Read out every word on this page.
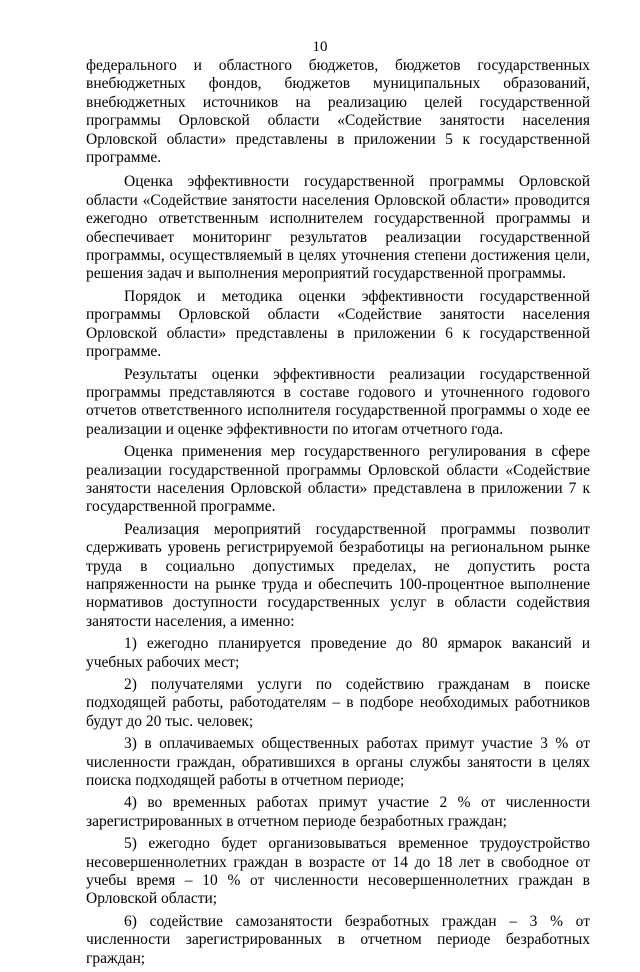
10

федерального и областного бюджетов, бюджетов государственных внебюджетных фондов, бюджетов муниципальных образований, внебюджетных источников на реализацию целей государственной программы Орловской области «Содействие занятости населения Орловской области» представлены в приложении 5 к государственной программе.

Оценка эффективности государственной программы Орловской области «Содействие занятости населения Орловской области» проводится ежегодно ответственным исполнителем государственной программы и обеспечивает мониторинг результатов реализации государственной программы, осуществляемый в целях уточнения степени достижения цели, решения задач и выполнения мероприятий государственной программы.

Порядок и методика оценки эффективности государственной программы Орловской области «Содействие занятости населения Орловской области» представлены в приложении 6 к государственной программе.

Результаты оценки эффективности реализации государственной программы представляются в составе годового и уточненного годового отчетов ответственного исполнителя государственной программы о ходе ее реализации и оценке эффективности по итогам отчетного года.

Оценка применения мер государственного регулирования в сфере реализации государственной программы Орловской области «Содействие занятости населения Орловской области» представлена в приложении 7 к государственной программе.

Реализация мероприятий государственной программы позволит сдерживать уровень регистрируемой безработицы на региональном рынке труда в социально допустимых пределах, не допустить роста напряженности на рынке труда и обеспечить 100-процентное выполнение нормативов доступности государственных услуг в области содействия занятости населения, а именно:

1) ежегодно планируется проведение до 80 ярмарок вакансий и учебных рабочих мест;

2) получателями услуги по содействию гражданам в поиске подходящей работы, работодателям – в подборе необходимых работников будут до 20 тыс. человек;

3) в оплачиваемых общественных работах примут участие 3 % от численности граждан, обратившихся в органы службы занятости в целях поиска подходящей работы в отчетном периоде;

4) во временных работах примут участие 2 % от численности зарегистрированных в отчетном периоде безработных граждан;

5) ежегодно будет организовываться временное трудоустройство несовершеннолетних граждан в возрасте от 14 до 18 лет в свободное от учебы время – 10 % от численности несовершеннолетних граждан в Орловской области;

6) содействие самозанятости безработных граждан – 3 % от численности зарегистрированных в отчетном периоде безработных граждан;
